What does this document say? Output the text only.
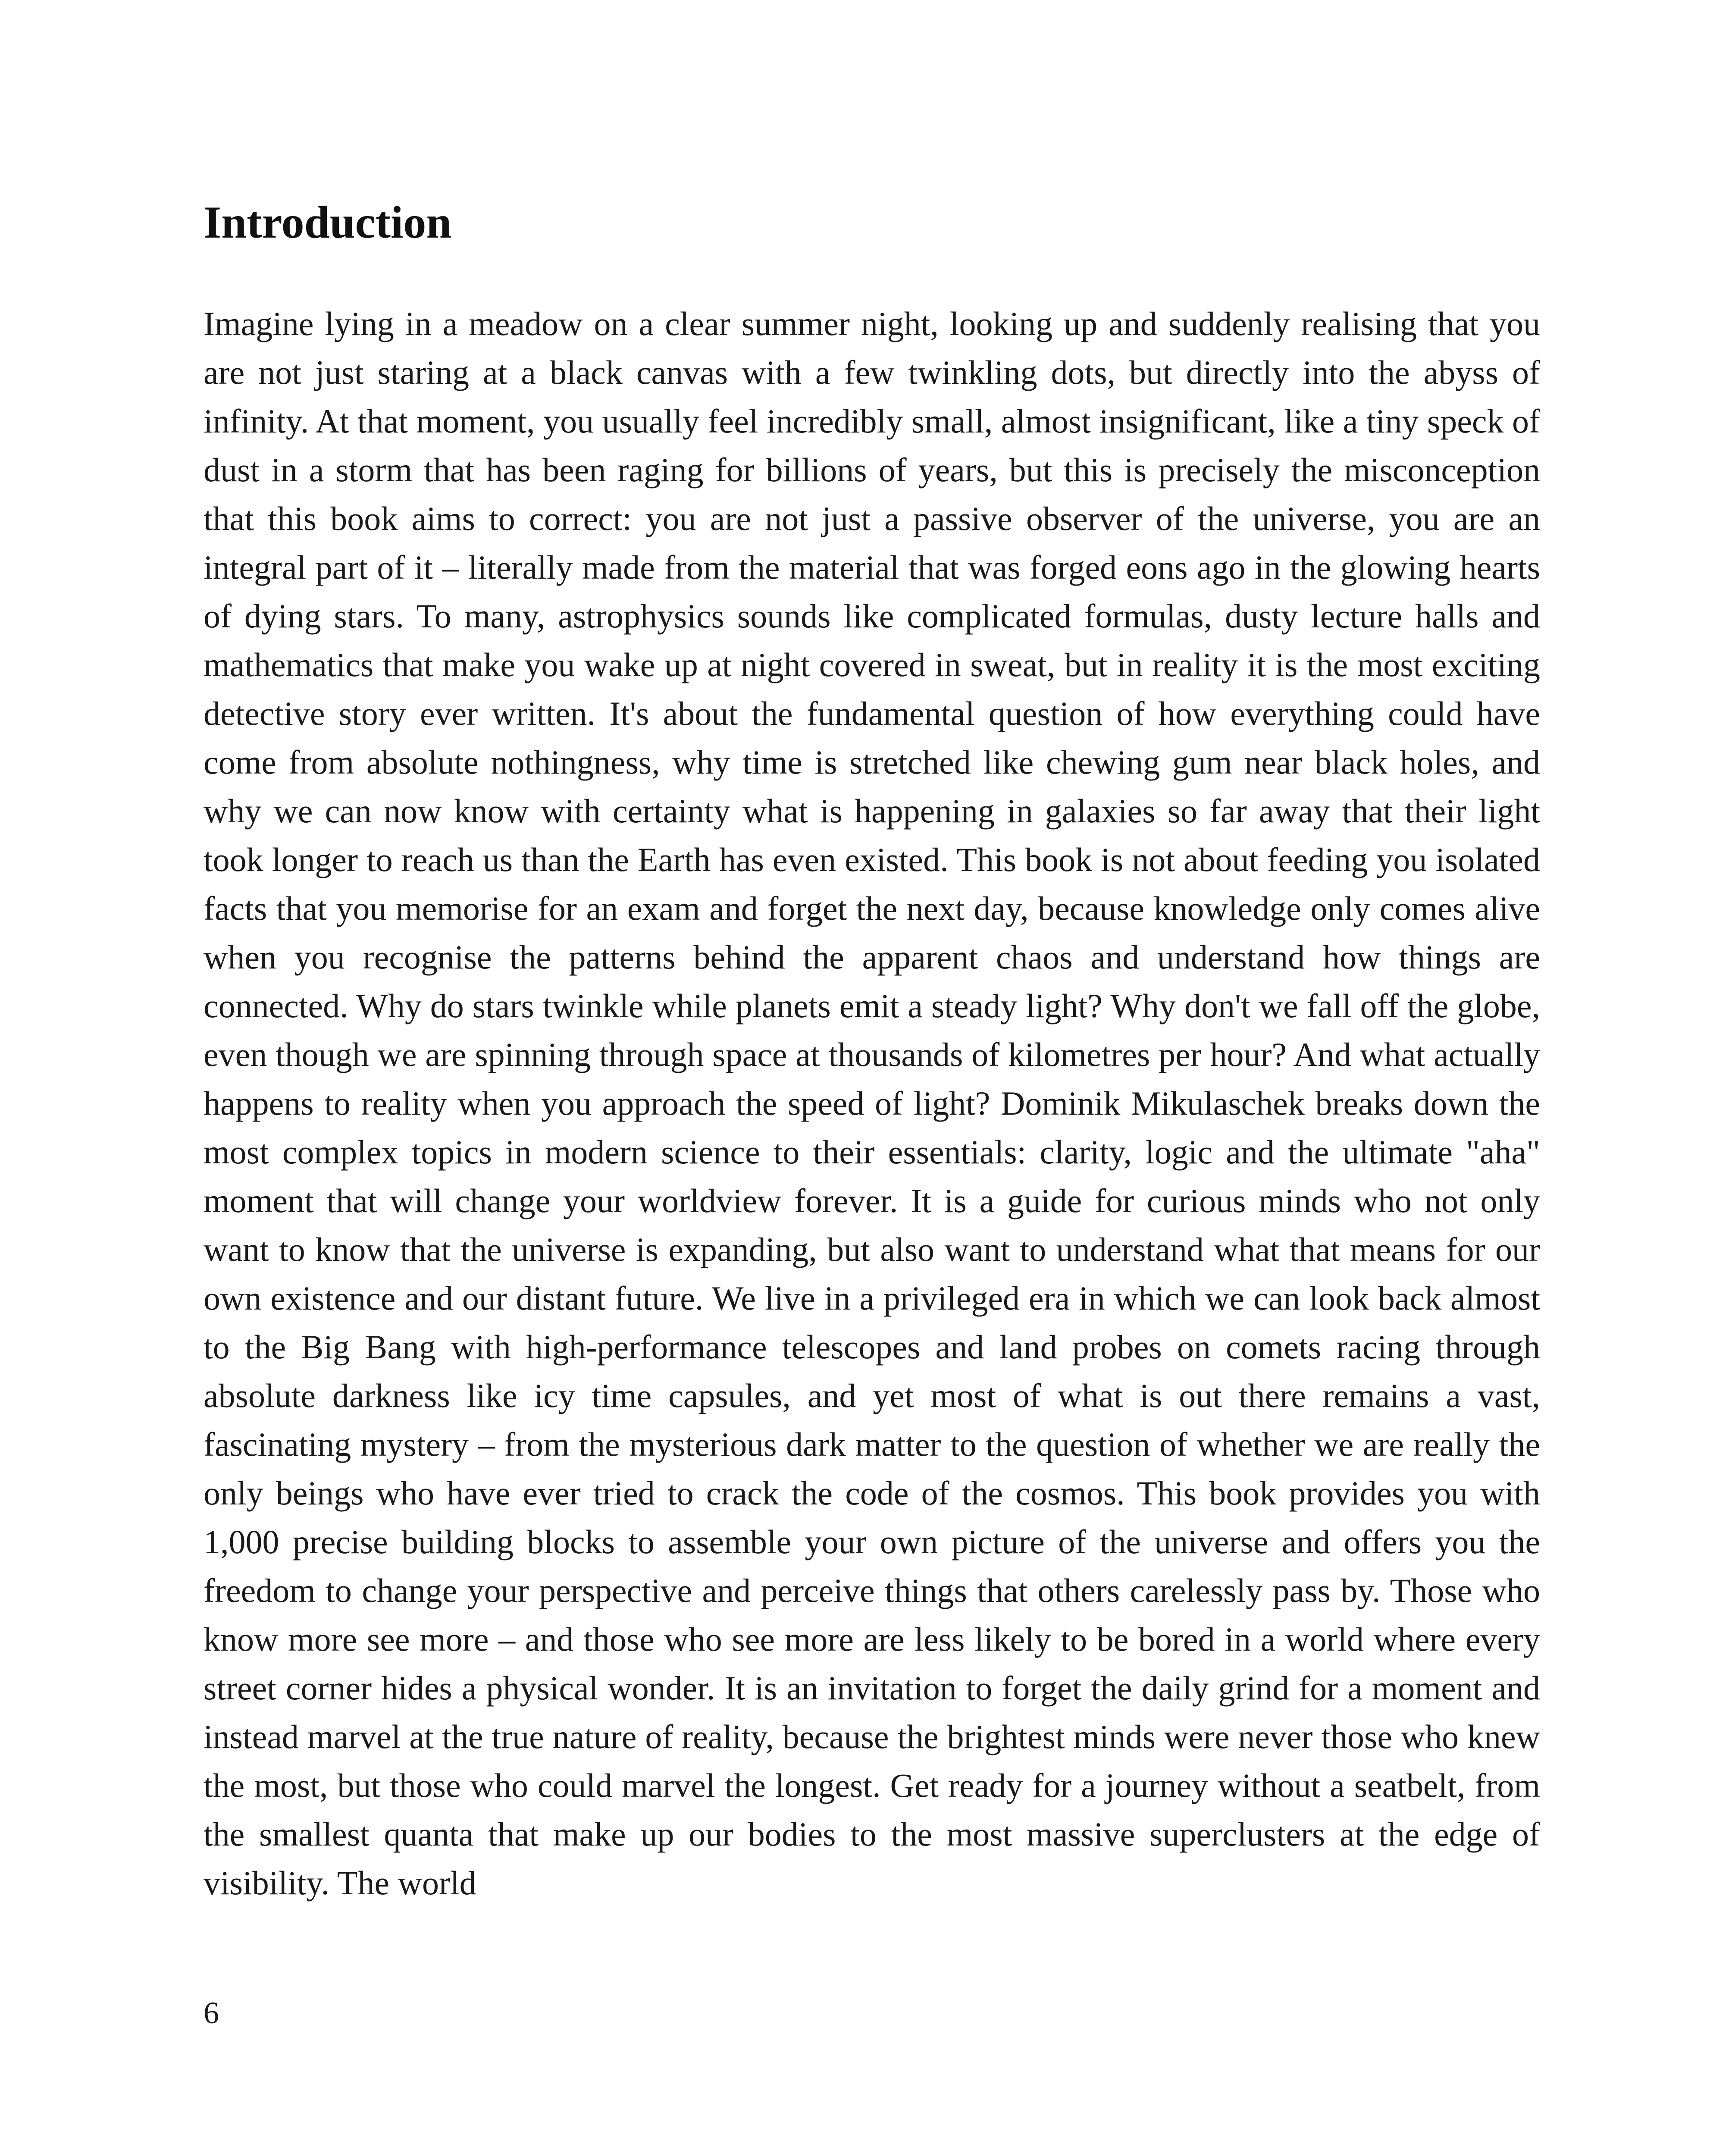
Introduction

Imagine lying in a meadow on a clear summer night, looking up and suddenly realising that you are not just staring at a black canvas with a few twinkling dots, but directly into the abyss of infinity. At that moment, you usually feel incredibly small, almost insignificant, like a tiny speck of dust in a storm that has been raging for billions of years, but this is precisely the misconception that this book aims to correct: you are not just a passive observer of the universe, you are an integral part of it – literally made from the material that was forged eons ago in the glowing hearts of dying stars. To many, astrophysics sounds like complicated formulas, dusty lecture halls and mathematics that make you wake up at night covered in sweat, but in reality it is the most exciting detective story ever written. It's about the fundamental question of how everything could have come from absolute nothingness, why time is stretched like chewing gum near black holes, and why we can now know with certainty what is happening in galaxies so far away that their light took longer to reach us than the Earth has even existed. This book is not about feeding you isolated facts that you memorise for an exam and forget the next day, because knowledge only comes alive when you recognise the patterns behind the apparent chaos and understand how things are connected. Why do stars twinkle while planets emit a steady light? Why don't we fall off the globe, even though we are spinning through space at thousands of kilometres per hour? And what actually happens to reality when you approach the speed of light? Dominik Mikulaschek breaks down the most complex topics in modern science to their essentials: clarity, logic and the ultimate "aha" moment that will change your worldview forever. It is a guide for curious minds who not only want to know that the universe is expanding, but also want to understand what that means for our own existence and our distant future. We live in a privileged era in which we can look back almost to the Big Bang with high-performance telescopes and land probes on comets racing through absolute darkness like icy time capsules, and yet most of what is out there remains a vast, fascinating mystery – from the mysterious dark matter to the question of whether we are really the only beings who have ever tried to crack the code of the cosmos. This book provides you with 1,000 precise building blocks to assemble your own picture of the universe and offers you the freedom to change your perspective and perceive things that others carelessly pass by. Those who know more see more – and those who see more are less likely to be bored in a world where every street corner hides a physical wonder. It is an invitation to forget the daily grind for a moment and instead marvel at the true nature of reality, because the brightest minds were never those who knew the most, but those who could marvel the longest. Get ready for a journey without a seatbelt, from the smallest quanta that make up our bodies to the most massive superclusters at the edge of visibility. The world

6
